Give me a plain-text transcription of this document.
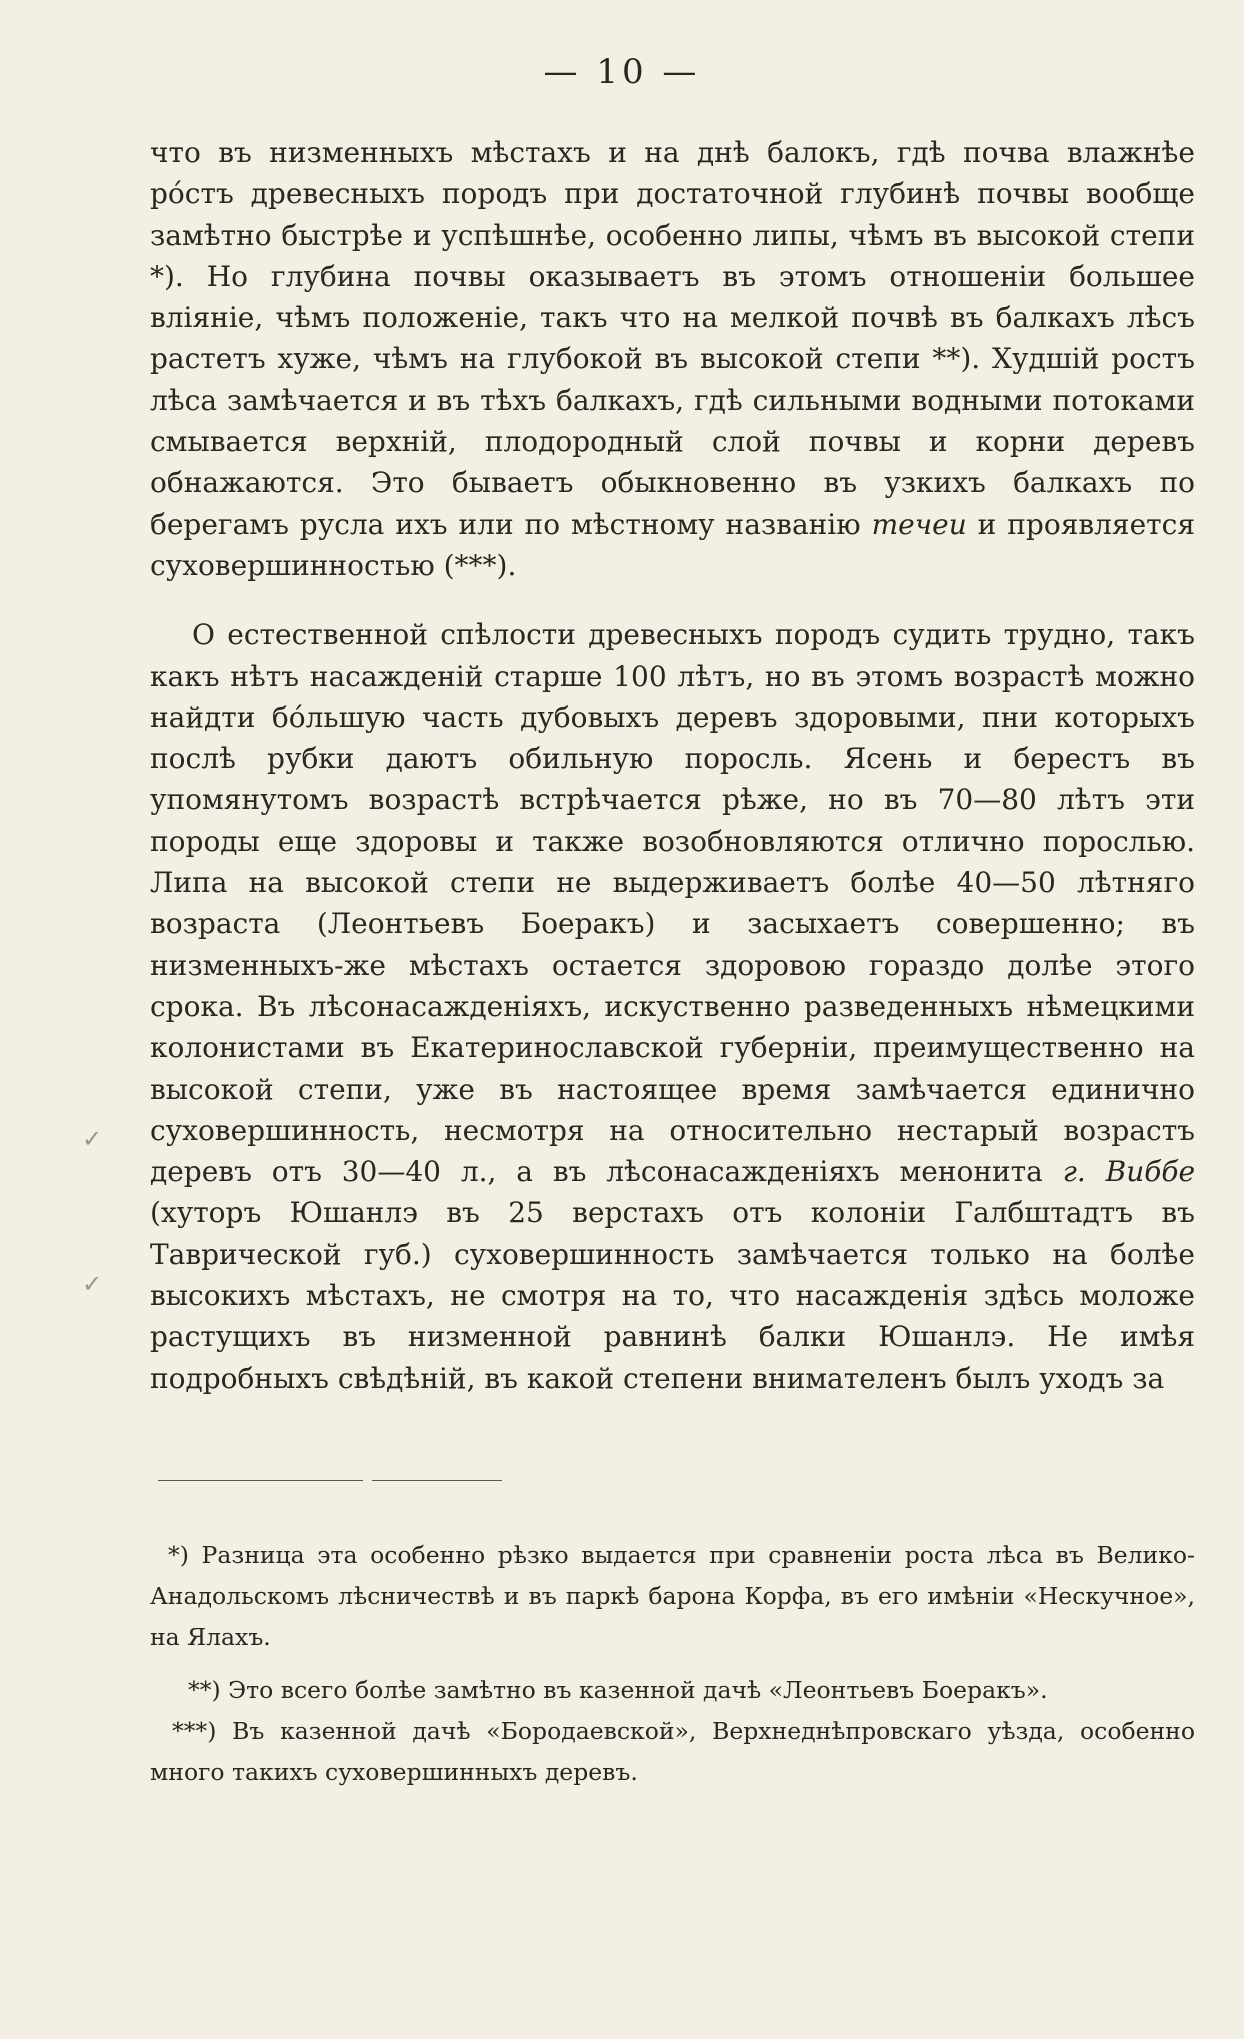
— 10 —

что въ низменныхъ мѣстахъ и на днѣ балокъ, гдѣ почва влажнѣе рόстъ древесныхъ породъ при достаточной глубинѣ почвы вообще замѣтно быстрѣе и успѣшнѣе, особенно липы, чѣмъ въ высокой степи *). Но глубина почвы оказываетъ въ этомъ отношеніи большее вліяніе, чѣмъ положеніе, такъ что на мелкой почвѣ въ балкахъ лѣсъ растетъ хуже, чѣмъ на глубокой въ высокой степи **). Худшій ростъ лѣса замѣчается и въ тѣхъ балкахъ, гдѣ сильными водными потоками смывается верхній, плодородный слой почвы и корни деревъ обнажаются. Это бываетъ обыкновенно въ узкихъ балкахъ по берегамъ русла ихъ или по мѣстному названію течеи и проявляется суховершинностью (***).

О естественной спѣлости древесныхъ породъ судить трудно, такъ какъ нѣтъ насажденій старше 100 лѣтъ, но въ этомъ возрастѣ можно найдти бόльшую часть дубовыхъ деревъ здоровыми, пни которыхъ послѣ рубки даютъ обильную поросль. Ясень и берестъ въ упомянутомъ возрастѣ встрѣчается рѣже, но въ 70—80 лѣтъ эти породы еще здоровы и также возобновляются отлично порослью. Липа на высокой степи не выдерживаетъ болѣе 40—50 лѣтняго возраста (Леонтьевъ Боеракъ) и засыхаетъ совершенно; въ низменныхъ-же мѣстахъ остается здоровою гораздо долѣе этого срока. Въ лѣсонасажденіяхъ, искуственно разведенныхъ нѣмецкими колонистами въ Екатеринославской губерніи, преимущественно на высокой степи, уже въ настоящее время замѣчается единично суховершинность, несмотря на относительно нестарый возрастъ деревъ отъ 30—40 л., а въ лѣсонасажденіяхъ менонита г. Виббе (хуторъ Юшанлэ въ 25 верстахъ отъ колоніи Галбштадтъ въ Таврической губ.) суховершинность замѣчается только на болѣе высокихъ мѣстахъ, не смотря на то, что насажденія здѣсь моложе растущихъ въ низменной равнинѣ балки Юшанлэ. Не имѣя подробныхъ свѣдѣній, въ какой степени внимателенъ былъ уходъ за

✓
✓

*) Разница эта особенно рѣзко выдается при сравненіи роста лѣса въ Велико-Анадольскомъ лѣсничествѣ и въ паркѣ барона Корфа, въ его имѣніи «Нескучное», на Ялахъ.

**) Это всего болѣе замѣтно въ казенной дачѣ «Леонтьевъ Боеракъ».

***) Въ казенной дачѣ «Бородаевской», Верхнеднѣпровскаго уѣзда, особенно много такихъ суховершинныхъ деревъ.
